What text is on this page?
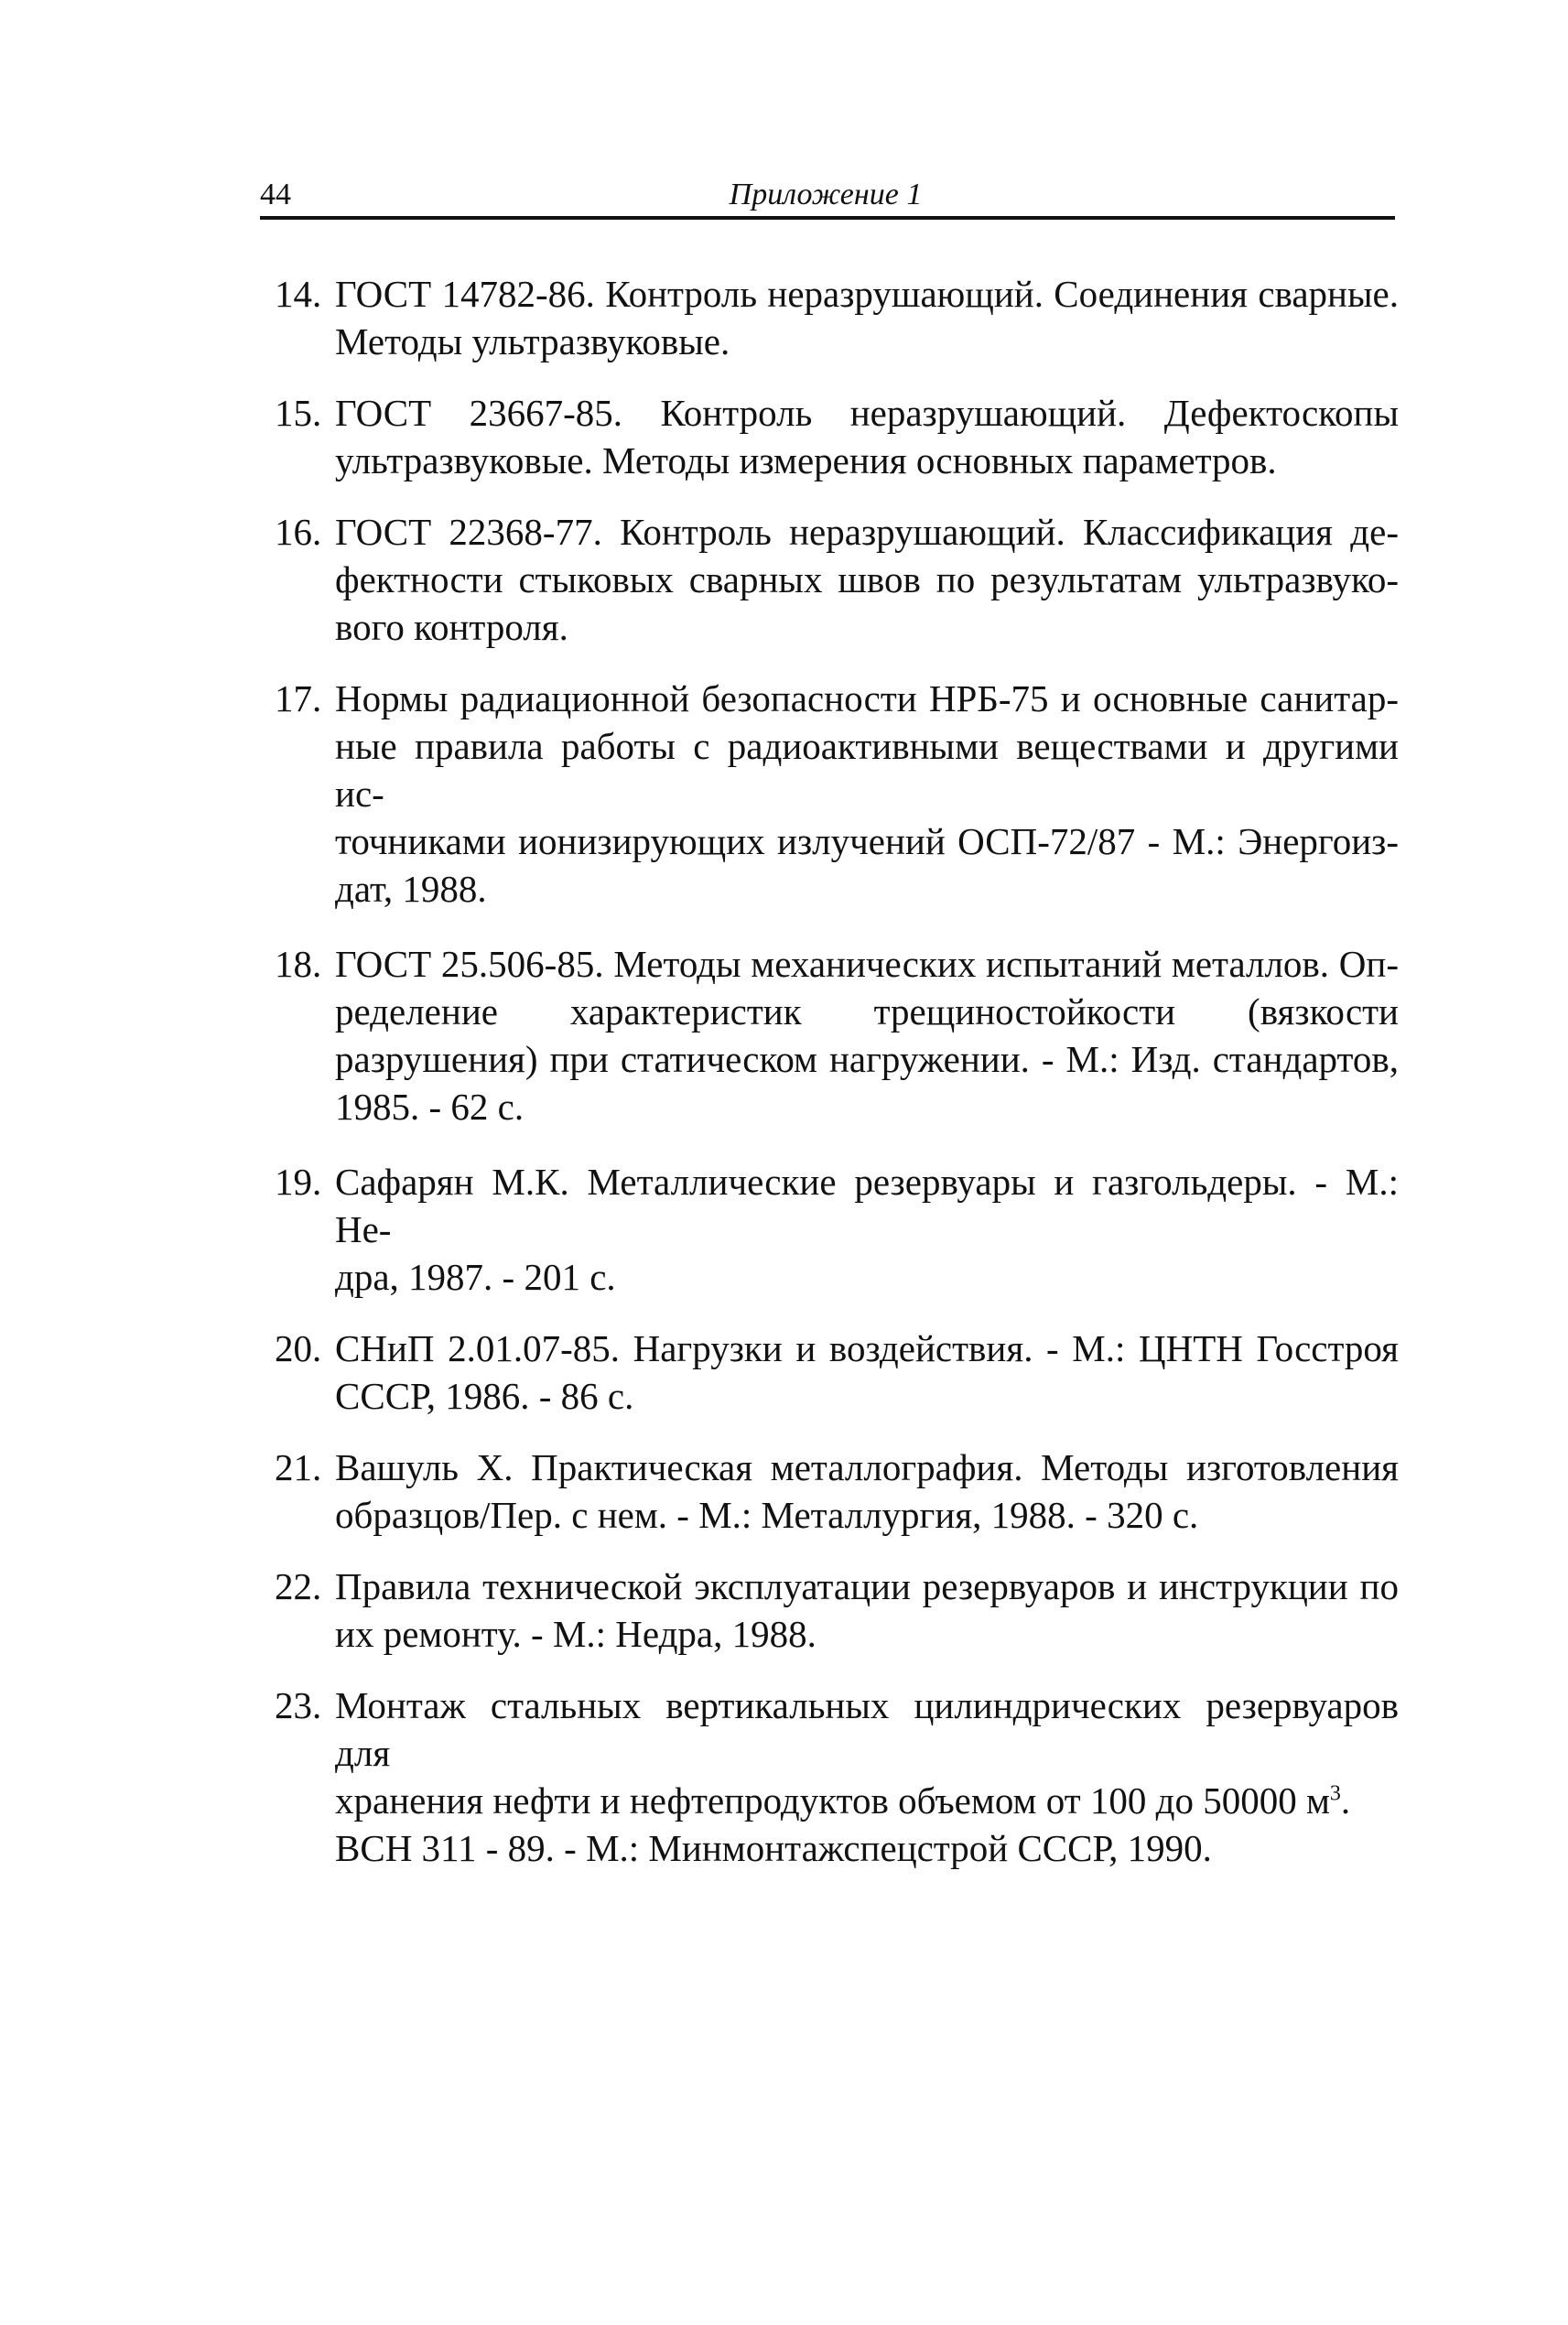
44	Приложение 1
14. ГОСТ 14782-86. Контроль неразрушающий. Соединения сварные.
Методы ультразвуковые.
15. ГОСТ 23667-85. Контроль неразрушающий. Дефектоскопы
ультразвуковые. Методы измерения основных параметров.
16. ГОСТ 22368-77. Контроль неразрушающий. Классификация де-
фектности стыковых сварных швов по результатам ультразвуко-
вого контроля.
17. Нормы радиационной безопасности НРБ-75 и основные санитар-
ные правила работы с радиоактивными веществами и другими ис-
точниками ионизирующих излучений ОСП-72/87 - М.: Энергоиз-
дат, 1988.
18. ГОСТ 25.506-85. Методы механических испытаний металлов. Оп-
ределение характеристик трещиностойкости (вязкости
разрушения) при статическом нагружении. - М.: Изд. стандартов,
1985. - 62 с.
19. Сафарян М.К. Металлические резервуары и газгольдеры. - М.: Не-
дра, 1987. - 201 с.
20. СНиП 2.01.07-85. Нагрузки и воздействия. - М.: ЦНТН Госстроя
СССР, 1986. - 86 с.
21. Вашуль Х. Практическая металлография. Методы изготовления
образцов/Пер. с нем. - М.: Металлургия, 1988. - 320 с.
22. Правила технической эксплуатации резервуаров и инструкции по
их ремонту. - М.: Недра, 1988.
23. Монтаж стальных вертикальных цилиндрических резервуаров для
хранения нефти и нефтепродуктов объемом от 100 до 50000 $м^3$.
ВСН 311 - 89. - М.: Минмонтажспецстрой СССР, 1990.
